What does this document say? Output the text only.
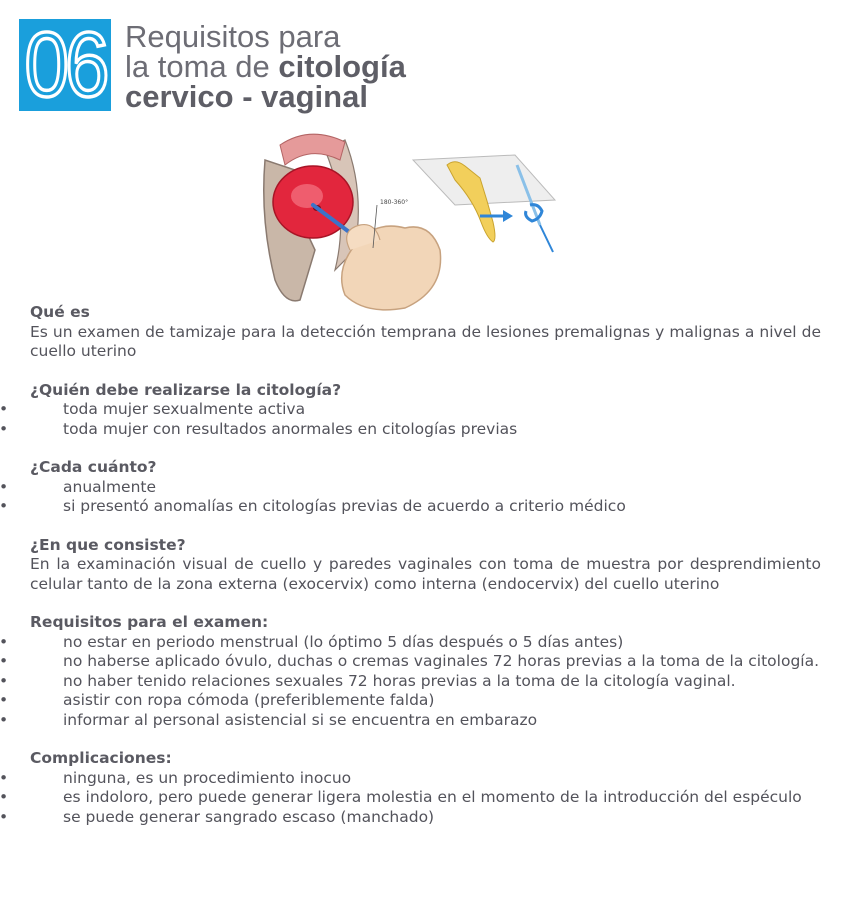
06 Requisitos para
la toma de citología
cervico - vaginal
180-360°
Qué es

Es un examen de tamizaje para la detección temprana de lesiones premalignas y malignas a nivel de cuello uterino

¿Quién debe realizarse la citología?
• toda mujer sexualmente activa
• toda mujer con resultados anormales en citologías previas
¿Cada cuánto?
• anualmente
• si presentó anomalías en citologías previas de acuerdo a criterio médico
¿En que consiste?

En la examinación visual de cuello y paredes vaginales con toma de muestra por desprendimiento celular tanto de la zona externa (exocervix) como interna (endocervix) del cuello uterino

Requisitos para el examen:
• no estar en periodo menstrual (lo óptimo 5 días después o 5 días antes)
• no haberse aplicado óvulo, duchas o cremas vaginales 72 horas previas a la toma de la citología.
• no haber tenido relaciones sexuales 72 horas previas a la toma de la citología vaginal.
• asistir con ropa cómoda (preferiblemente falda)
• informar al personal asistencial si se encuentra en embarazo
Complicaciones:
• ninguna, es un procedimiento inocuo
• es indoloro, pero puede generar ligera molestia en el momento de la introducción del espéculo
• se puede generar sangrado escaso (manchado)
